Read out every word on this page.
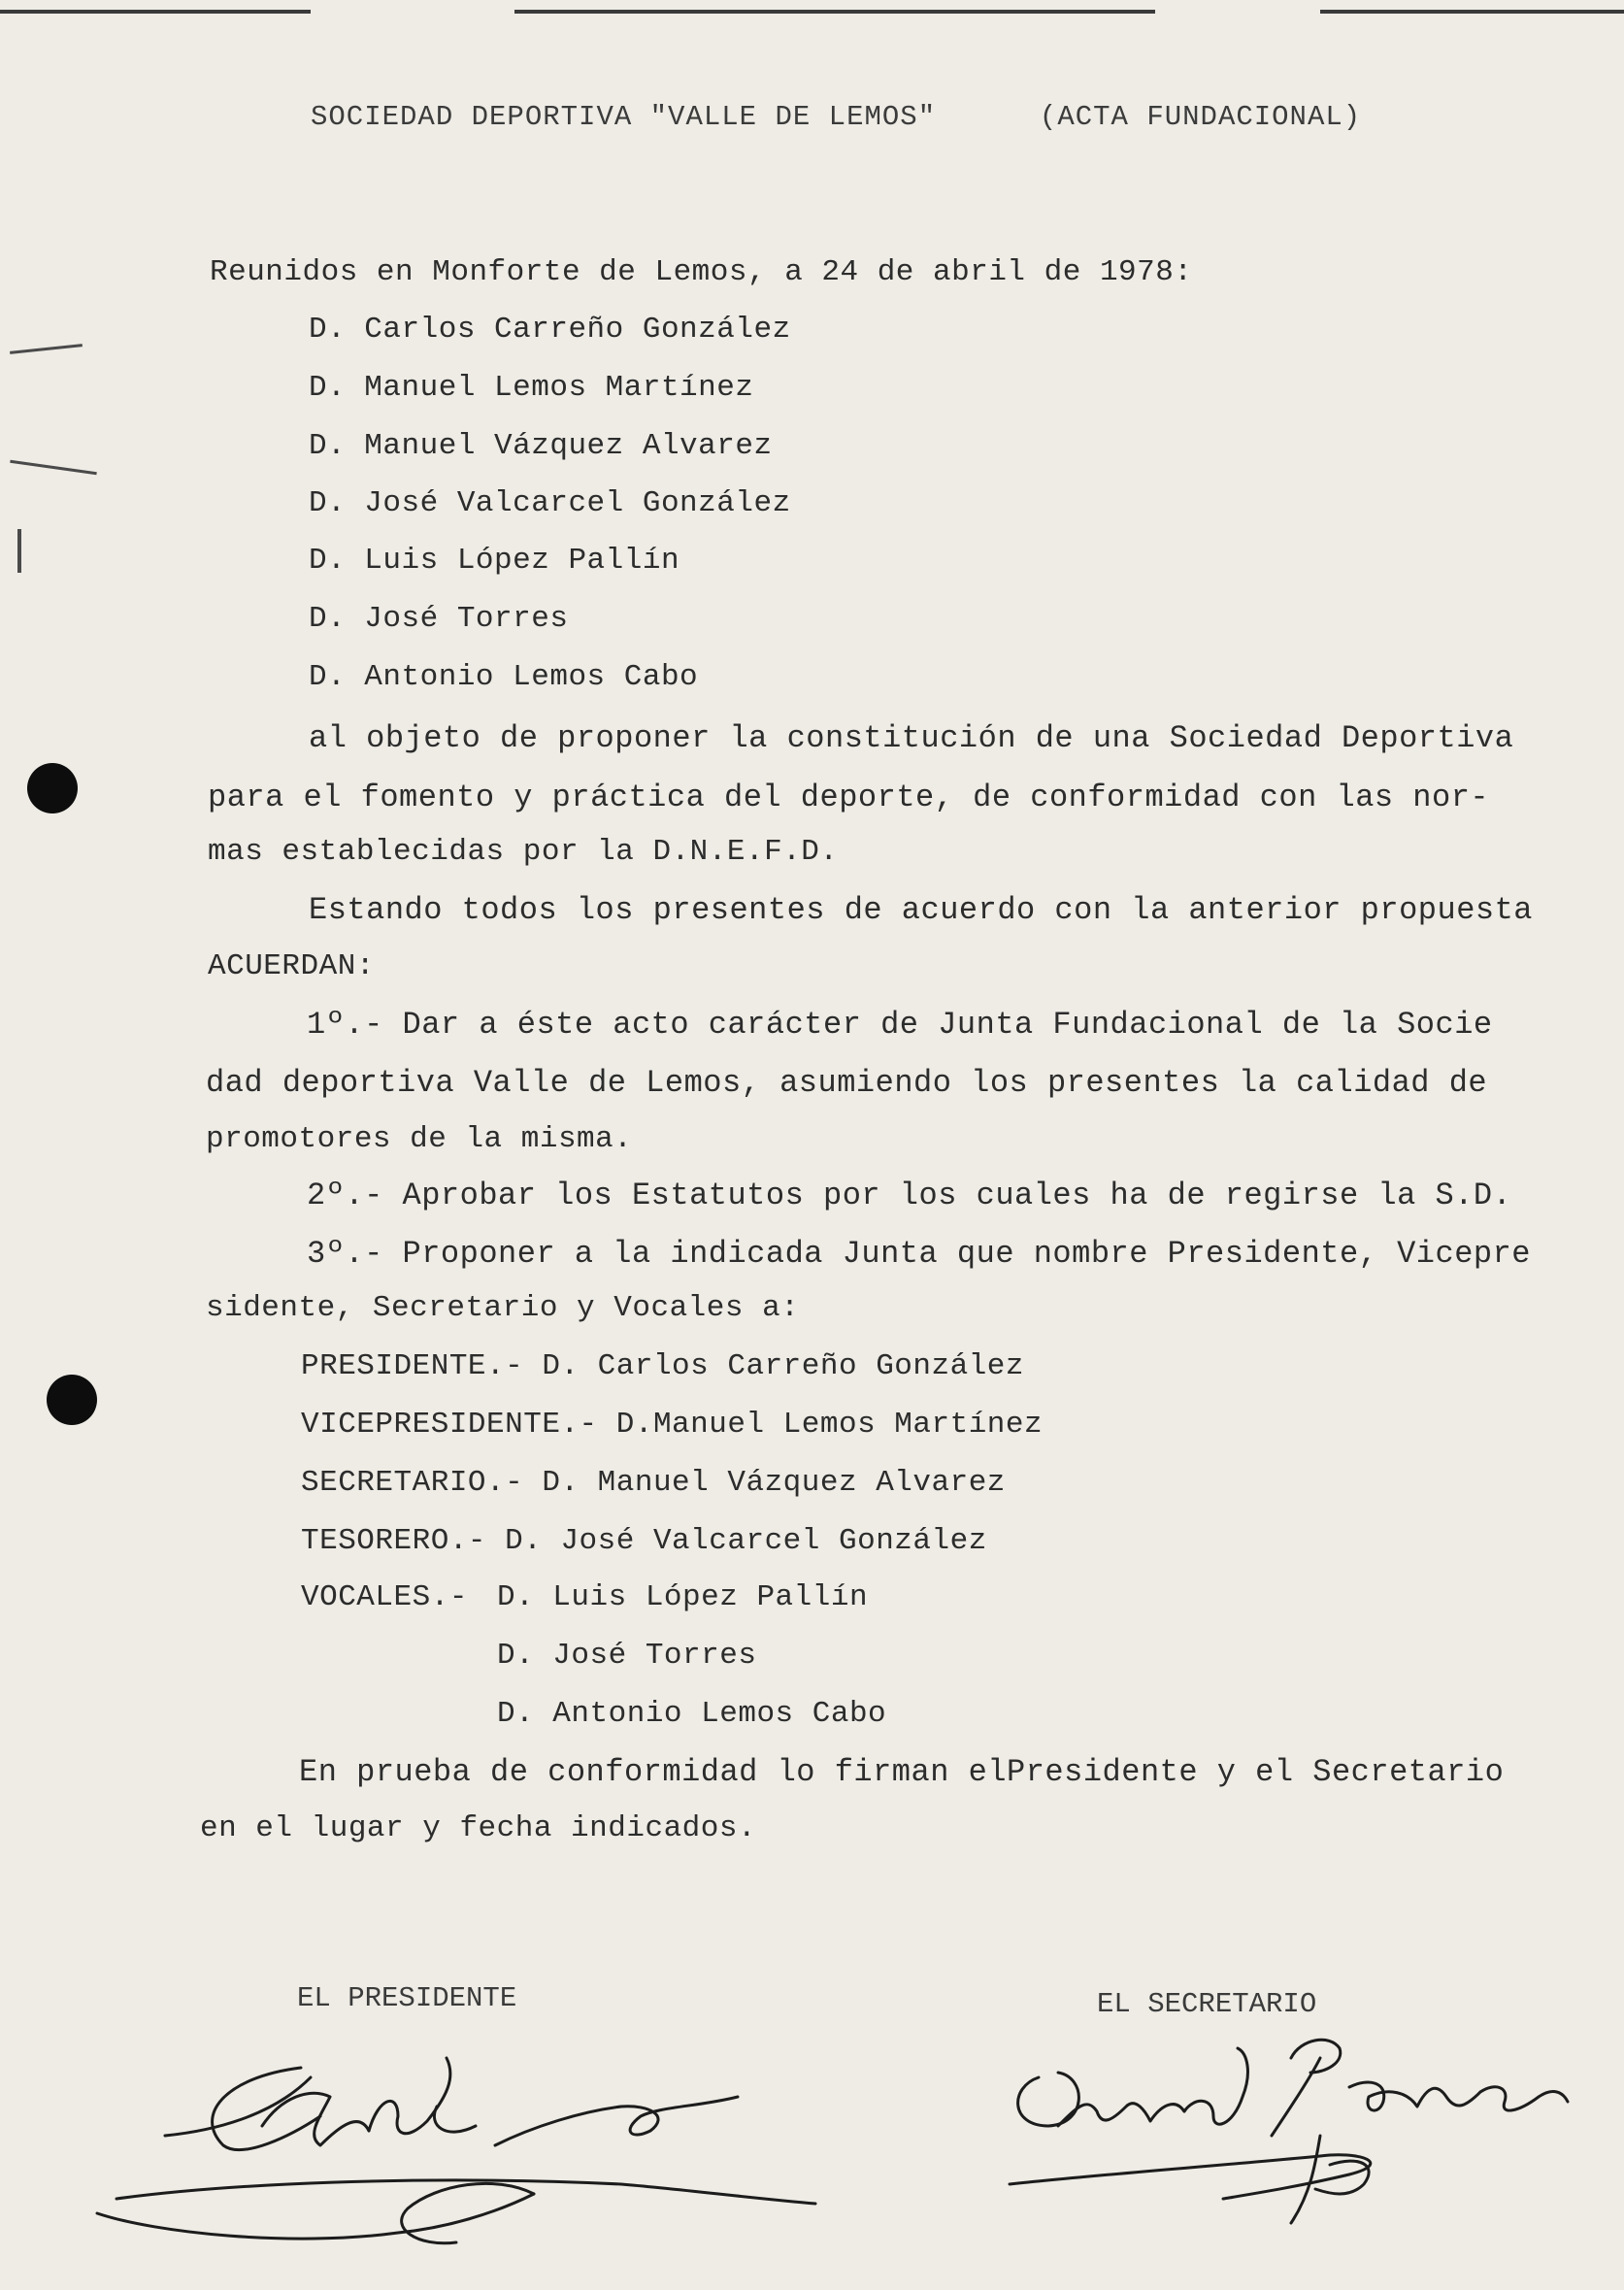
SOCIEDAD DEPORTIVA "VALLE DE LEMOS"	(ACTA FUNDACIONAL)
Reunidos en Monforte de Lemos, a 24 de abril de 1978:
D. Carlos Carreño González
D. Manuel Lemos Martínez
D. Manuel Vázquez Alvarez
D. José Valcarcel González
D. Luis López Pallín
D. José Torres
D. Antonio Lemos Cabo
al objeto de proponer la constitución de una Sociedad Deportiva
para el fomento y práctica del deporte, de conformidad con las nor-
mas establecidas por la D.N.E.F.D.
Estando todos los presentes de acuerdo con la anterior propuesta
ACUERDAN:
1º.- Dar a éste acto carácter de Junta Fundacional de la Socie
dad deportiva Valle de Lemos, asumiendo los presentes la calidad de
promotores de la misma.
2º.- Aprobar los Estatutos por los cuales ha de regirse la S.D.
3º.- Proponer a la indicada Junta que nombre Presidente, Vicepre
sidente, Secretario y Vocales a:
PRESIDENTE.- D. Carlos Carreño González
VICEPRESIDENTE.- D.Manuel Lemos Martínez
SECRETARIO.- D. Manuel Vázquez Alvarez
TESORERO.- D. José Valcarcel González
VOCALES.- D. Luis López Pallín
D. José Torres
D. Antonio Lemos Cabo
En prueba de conformidad lo firman elPresidente y el Secretario
en el lugar y fecha indicados.
EL PRESIDENTE	EL SECRETARIO
